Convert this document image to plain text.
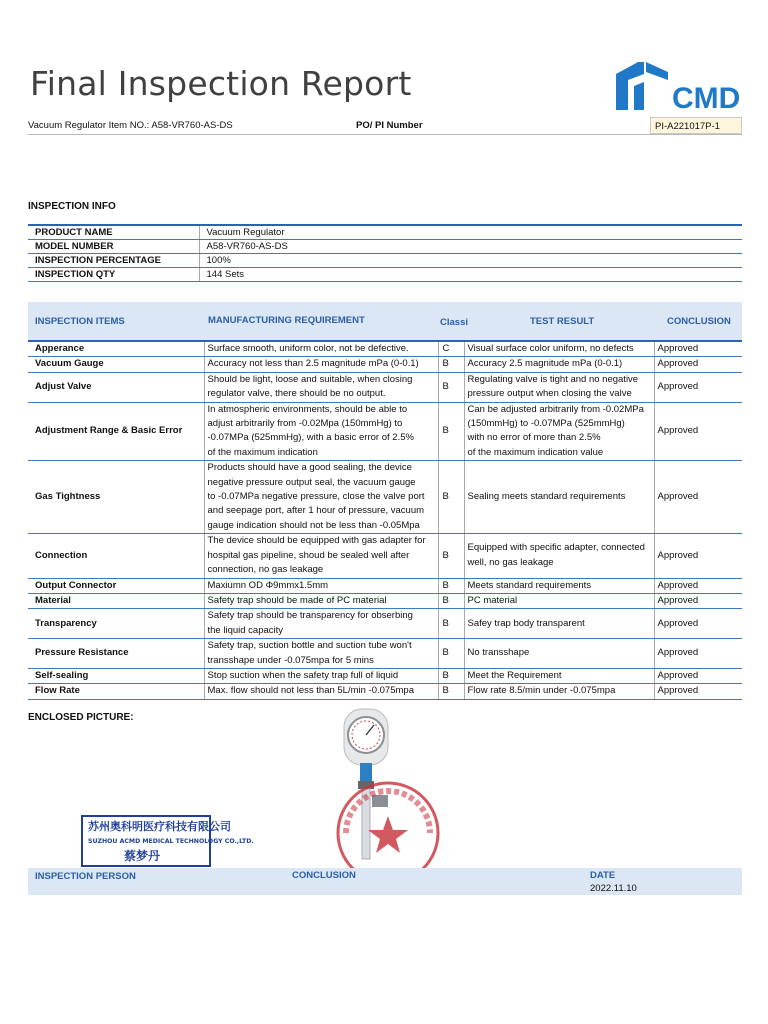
Final Inspection Report	CMD
Vacuum Regulator Item NO.: A58-VR760-AS-DS	PO/ PI Number	PI-A221017P-1
INSPECTION INFO
PRODUCT NAME	Vacuum Regulator
MODEL NUMBER	A58-VR760-AS-DS
INSPECTION PERCENTAGE	100%
INSPECTION QTY	144 Sets
INSPECTION ITEMS	MANUFACTURING REQUIREMENT	Classi	TEST RESULT	CONCLUSION
Apperance	Surface smooth, uniform color, not be defective.	C	Visual surface color uniform, no defects	Approved
Vacuum Gauge	Accuracy not less than 2.5 magnitude mPa (0-0.1)	B	Accuracy 2.5 magnitude mPa (0-0.1)	Approved
Adjust Valve	Should be light, loose and suitable, when closing
regulator valve, there should be no output.	B	Regulating valve is tight and no negative
pressure output when closing the valve	Approved
Adjustment Range & Basic Error	In atmospheric environments, should be able to
adjust arbitrarily from -0.02Mpa (150mmHg) to
-0.07MPa (525mmHg), with a basic error of 2.5%
of the maximum indication	B	Can be adjusted arbitrarily from -0.02MPa
(150mmHg) to -0.07MPa (525mmHg)
with no error of more than 2.5%
of the maximum indication value	Approved
Gas Tightness	Products should have a good sealing, the device
negative pressure output seal, the vacuum gauge
to -0.07MPa negative pressure, close the valve port
and seepage port, after 1 hour of pressure, vacuum
gauge indication should not be less than -0.05Mpa	B	Sealing meets standard requirements	Approved
Connection	The device should be equipped with gas adapter for
hospital gas pipeline, shoud be sealed well after
connection, no gas leakage	B	Equipped with specific adapter, connected
well, no gas leakage	Approved
Output Connector	Maxiumn OD Φ9mmx1.5mm	B	Meets standard requirements	Approved
Material	Safety trap should be made of PC material	B	PC material	Approved
Transparency	Safety trap should be transparency for obserbing
the liquid capacity	B	Safey trap body transparent	Approved
Pressure Resistance	Safety trap, suction bottle and suction tube won't
transshape under -0.075mpa for 5 mins	B	No transshape	Approved
Self-sealing	Stop suction when the safety trap full of liquid	B	Meet the Requirement	Approved
Flow Rate	Max. flow should not less than 5L/min -0.075mpa	B	Flow rate 8.5/min under -0.075mpa	Approved
ENCLOSED PICTURE:
苏州奥科明医疗科技有限公司
SUZHOU ACMD MEDICAL TECHNOLOGY CO.,LTD.
蔡梦丹
INSPECTION PERSON	CONCLUSION	DATE
2022.11.10
